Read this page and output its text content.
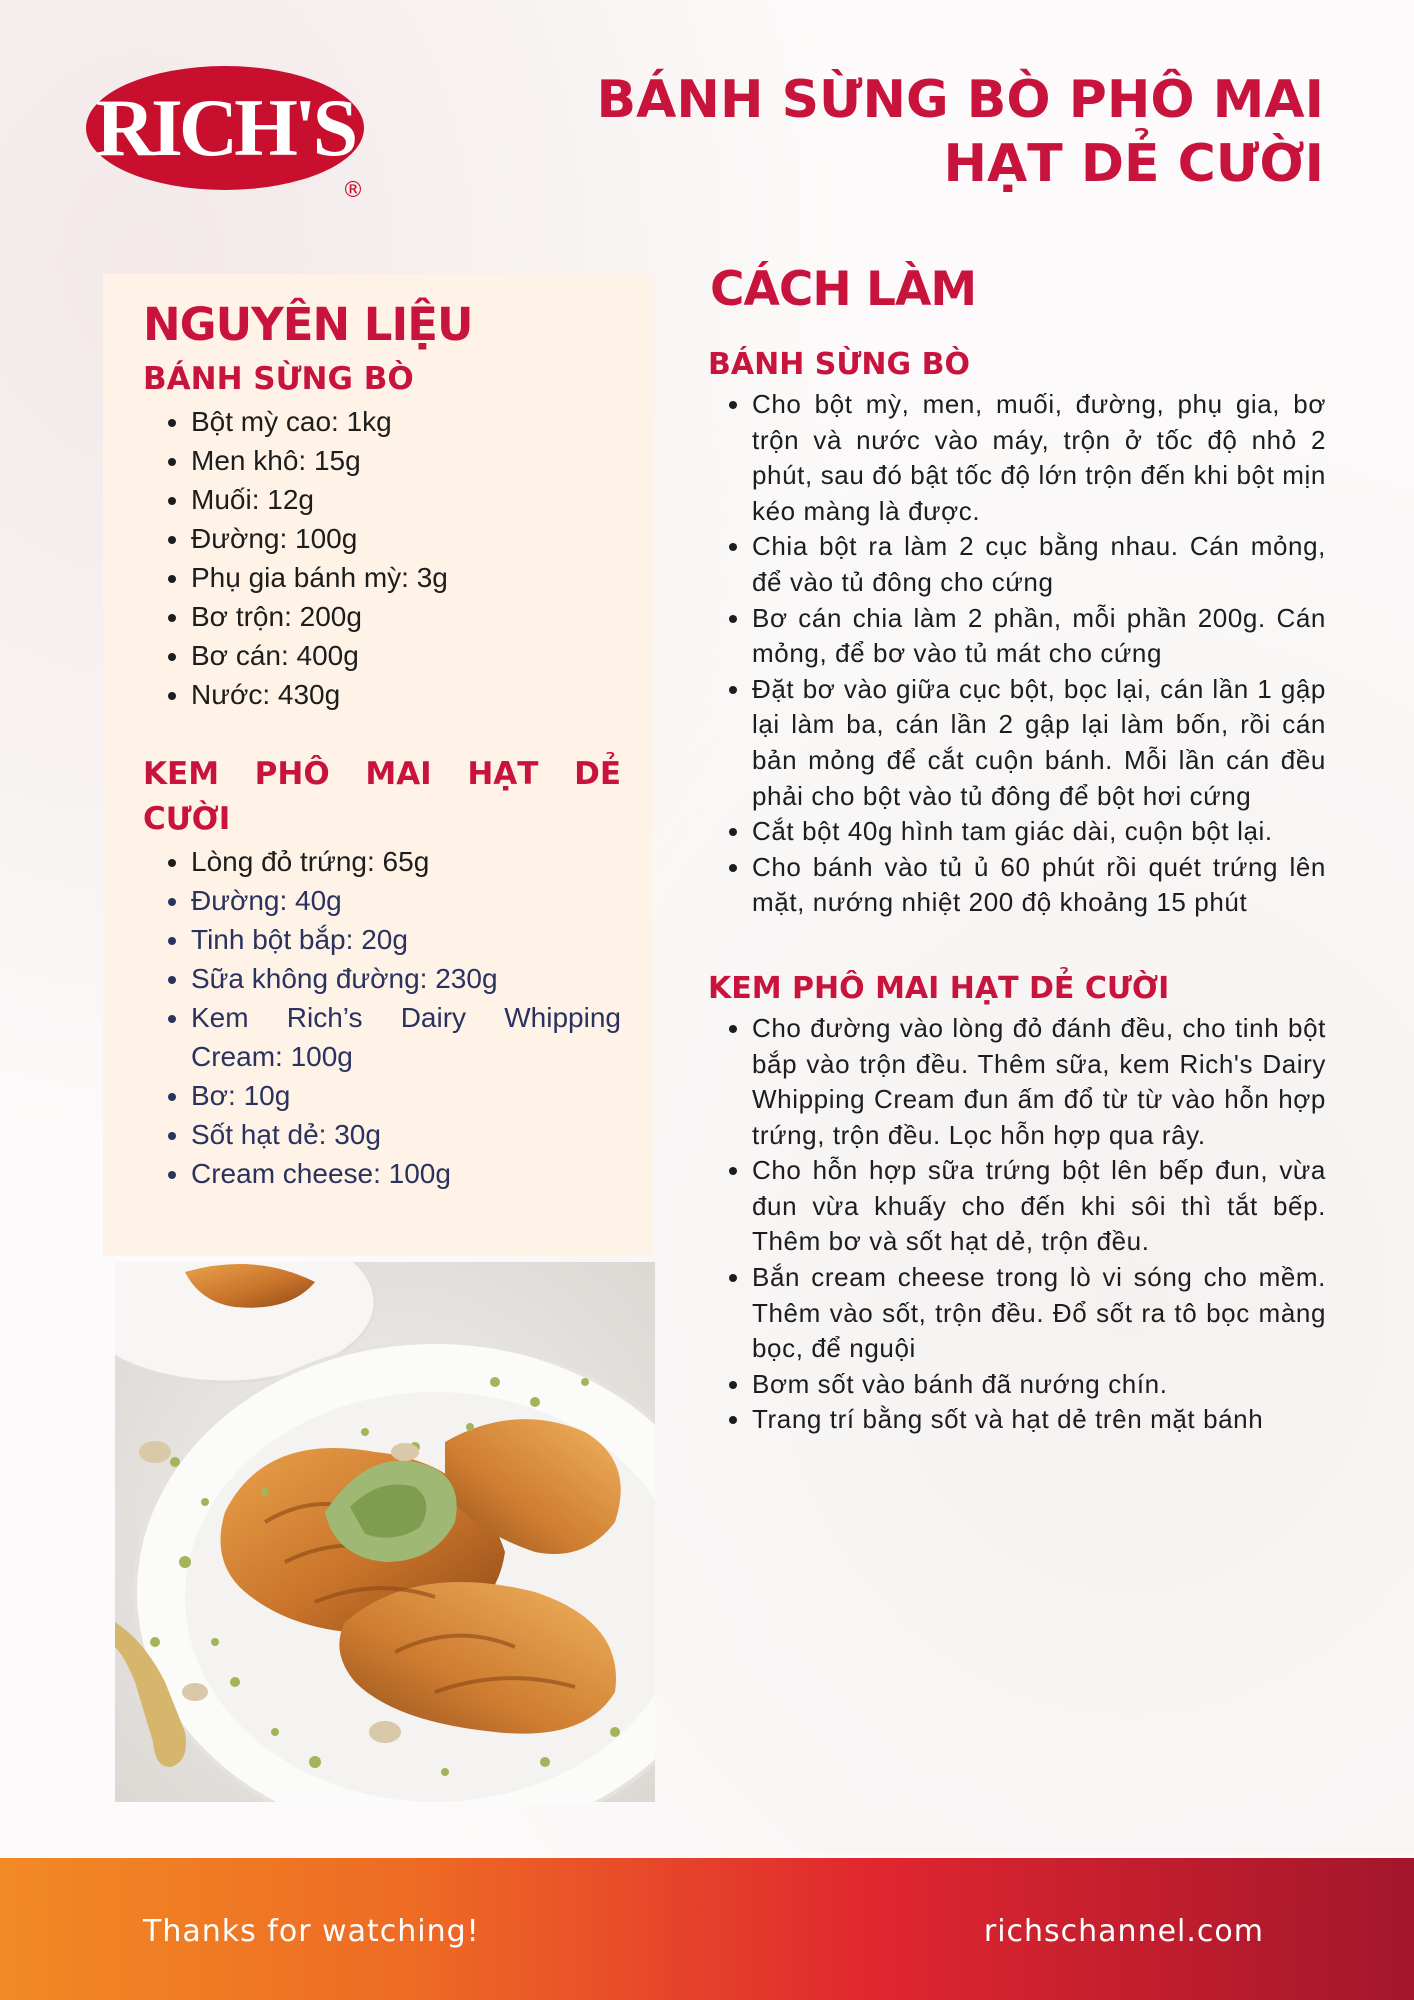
RICH'S
®
BÁNH SỪNG BÒ PHÔ MAI
HẠT DẺ CƯỜI
NGUYÊN LIỆU
BÁNH SỪNG BÒ
• Bột mỳ cao: 1kg
• Men khô: 15g
• Muối: 12g
• Đường: 100g
• Phụ gia bánh mỳ: 3g
• Bơ trộn: 200g
• Bơ cán: 400g
• Nước: 430g
KEM PHÔ MAI HẠT DẺ CƯỜI
• Lòng đỏ trứng: 65g
• Đường: 40g
• Tinh bột bắp: 20g
• Sữa không đường: 230g
• Kem Rich’s Dairy Whipping Cream: 100g
• Bơ: 10g
• Sốt hạt dẻ: 30g
• Cream cheese: 100g
CÁCH LÀM
BÁNH SỪNG BÒ
• Cho bột mỳ, men, muối, đường, phụ gia, bơ trộn và nước vào máy, trộn ở tốc độ nhỏ 2 phút, sau đó bật tốc độ lớn trộn đến khi bột mịn kéo màng là được.
• Chia bột ra làm 2 cục bằng nhau. Cán mỏng, để vào tủ đông cho cứng
• Bơ cán chia làm 2 phần, mỗi phần 200g. Cán mỏng, để bơ vào tủ mát cho cứng
• Đặt bơ vào giữa cục bột, bọc lại, cán lần 1 gập lại làm ba, cán lần 2 gập lại làm bốn, rồi cán bản mỏng để cắt cuộn bánh. Mỗi lần cán đều phải cho bột vào tủ đông để bột hơi cứng
• Cắt bột 40g hình tam giác dài, cuộn bột lại.
• Cho bánh vào tủ ủ 60 phút rồi quét trứng lên mặt, nướng nhiệt 200 độ khoảng 15 phút
KEM PHÔ MAI HẠT DẺ CƯỜI
• Cho đường vào lòng đỏ đánh đều, cho tinh bột bắp vào trộn đều. Thêm sữa, kem Rich's Dairy Whipping Cream đun ấm đổ từ từ vào hỗn hợp trứng, trộn đều. Lọc hỗn hợp qua rây.
• Cho hỗn hợp sữa trứng bột lên bếp đun, vừa đun vừa khuấy cho đến khi sôi thì tắt bếp. Thêm bơ và sốt hạt dẻ, trộn đều.
• Bắn cream cheese trong lò vi sóng cho mềm. Thêm vào sốt, trộn đều. Đổ sốt ra tô bọc màng bọc, để nguội
• Bơm sốt vào bánh đã nướng chín.
• Trang trí bằng sốt và hạt dẻ trên mặt bánh
Thanks for watching!	richschannel.com
